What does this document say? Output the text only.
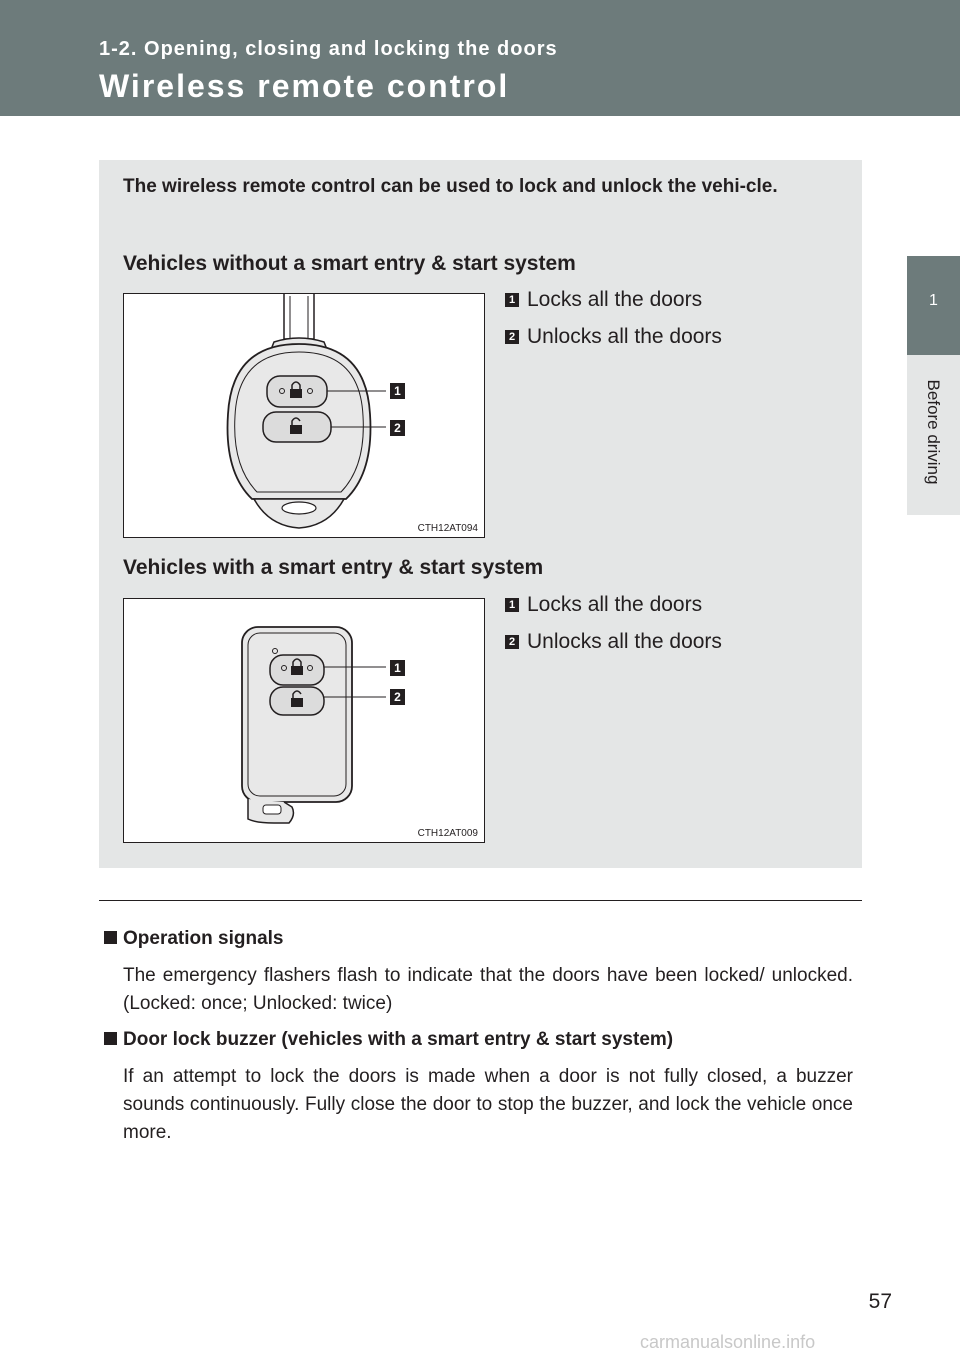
1-2. Opening, closing and locking the doors
Wireless remote control
1
Before driving
The wireless remote control can be used to lock and unlock the vehi-cle.
Vehicles without a smart entry & start system
1
2
CTH12AT094
1 Locks all the doors
2 Unlocks all the doors
Vehicles with a smart entry & start system
1
2
CTH12AT009
1 Locks all the doors
2 Unlocks all the doors
Operation signals
The emergency flashers flash to indicate that the doors have been locked/ unlocked. (Locked: once; Unlocked: twice)
Door lock buzzer (vehicles with a smart entry & start system)
If an attempt to lock the doors is made when a door is not fully closed, a buzzer sounds continuously. Fully close the door to stop the buzzer, and lock the vehicle once more.
57
carmanualsonline.info
